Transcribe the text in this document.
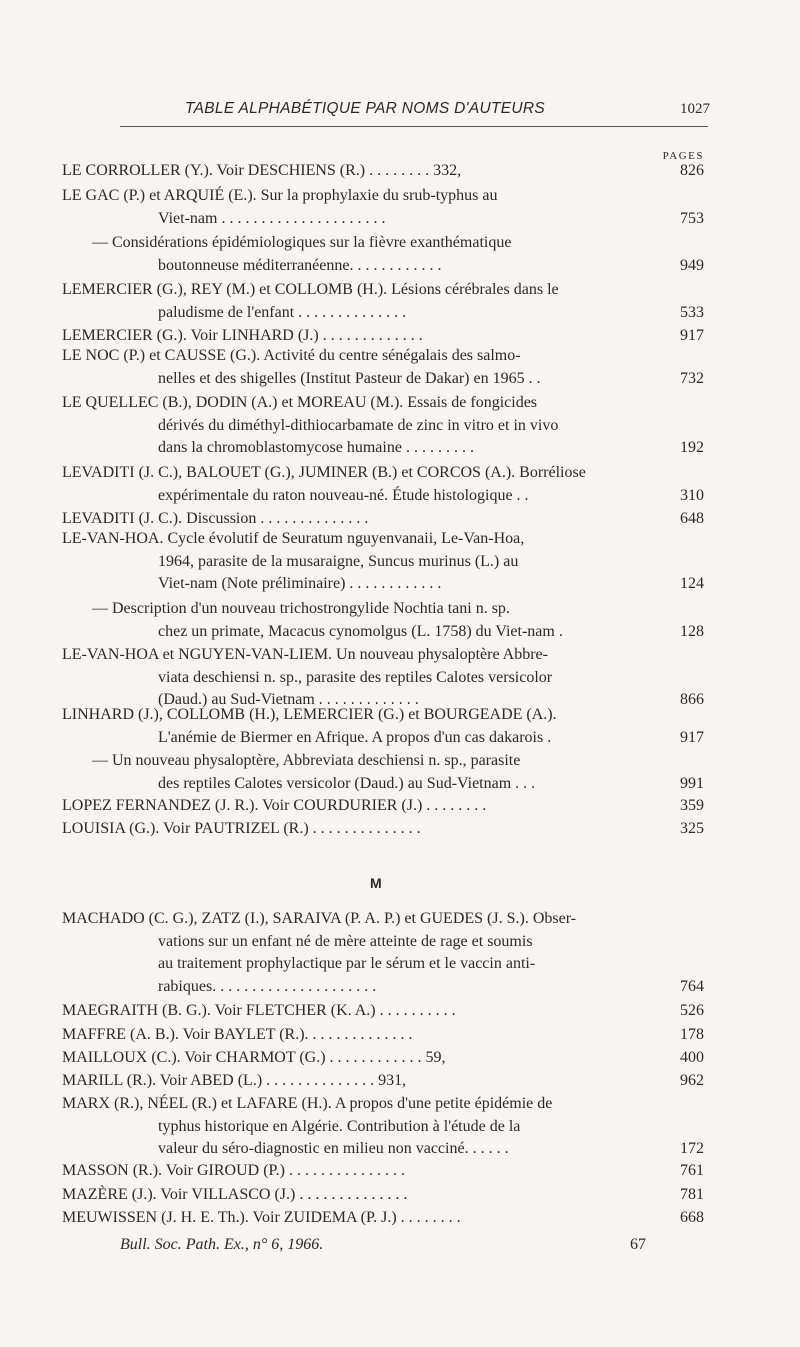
TABLE ALPHABÉTIQUE PAR NOMS D'AUTEURS	1027
PAGES
LE CORROLLER (Y.). Voir DESCHIENS (R.) . . . . . . . . 332,	826
LE GAC (P.) et ARQUIÉ (E.). Sur la prophylaxie du srub-typhus au
Viet-nam . . . . . . . . . . . . . . . . . . . . .	753
— Considérations épidémiologiques sur la fièvre exanthématique
boutonneuse méditerranéenne. . . . . . . . . . . .	949
LEMERCIER (G.), REY (M.) et COLLOMB (H.). Lésions cérébrales dans le
paludisme de l'enfant . . . . . . . . . . . . . .	533
LEMERCIER (G.). Voir LINHARD (J.) . . . . . . . . . . . . .	917
LE NOC (P.) et CAUSSE (G.). Activité du centre sénégalais des salmo-
nelles et des shigelles (Institut Pasteur de Dakar) en 1965 . .	732
LE QUELLEC (B.), DODIN (A.) et MOREAU (M.). Essais de fongicides
dérivés du diméthyl-dithiocarbamate de zinc in vitro et in vivo
dans la chromoblastomycose humaine . . . . . . . . .	192
LEVADITI (J. C.), BALOUET (G.), JUMINER (B.) et CORCOS (A.). Borréliose
expérimentale du raton nouveau-né. Étude histologique . .	310
LEVADITI (J. C.). Discussion . . . . . . . . . . . . . .	648
LE-VAN-HOA. Cycle évolutif de Seuratum nguyenvanaii, Le-Van-Hoa,
1964, parasite de la musaraigne, Suncus murinus (L.) au
Viet-nam (Note préliminaire) . . . . . . . . . . . .	124
— Description d'un nouveau trichostrongylide Nochtia tani n. sp.
chez un primate, Macacus cynomolgus (L. 1758) du Viet-nam .	128
LE-VAN-HOA et NGUYEN-VAN-LIEM. Un nouveau physaloptère Abbre-
viata deschiensi n. sp., parasite des reptiles Calotes versicolor
(Daud.) au Sud-Vietnam . . . . . . . . . . . . .	866
LINHARD (J.), COLLOMB (H.), LEMERCIER (G.) et BOURGEADE (A.).
L'anémie de Biermer en Afrique. A propos d'un cas dakarois .	917
— Un nouveau physaloptère, Abbreviata deschiensi n. sp., parasite
des reptiles Calotes versicolor (Daud.) au Sud-Vietnam . . .	991
LOPEZ FERNANDEZ (J. R.). Voir COURDURIER (J.) . . . . . . . .	359
LOUISIA (G.). Voir PAUTRIZEL (R.) . . . . . . . . . . . . . .	325
MACHADO (C. G.), ZATZ (I.), SARAIVA (P. A. P.) et GUEDES (J. S.). Obser-
vations sur un enfant né de mère atteinte de rage et soumis
au traitement prophylactique par le sérum et le vaccin anti-
rabiques. . . . . . . . . . . . . . . . . . . . .	764
MAEGRAITH (B. G.). Voir FLETCHER (K. A.) . . . . . . . . . .	526
MAFFRE (A. B.). Voir BAYLET (R.). . . . . . . . . . . . . .	178
MAILLOUX (C.). Voir CHARMOT (G.) . . . . . . . . . . . . 59,	400
MARILL (R.). Voir ABED (L.) . . . . . . . . . . . . . . 931,	962
MARX (R.), NÉEL (R.) et LAFARE (H.). A propos d'une petite épidémie de
typhus historique en Algérie. Contribution à l'étude de la
valeur du séro-diagnostic en milieu non vacciné. . . . . .	172
MASSON (R.). Voir GIROUD (P.) . . . . . . . . . . . . . . .	761
MAZÈRE (J.). Voir VILLASCO (J.) . . . . . . . . . . . . . .	781
MEUWISSEN (J. H. E. Th.). Voir ZUIDEMA (P. J.) . . . . . . . .	668
M
Bull. Soc. Path. Ex., n° 6, 1966.	67
